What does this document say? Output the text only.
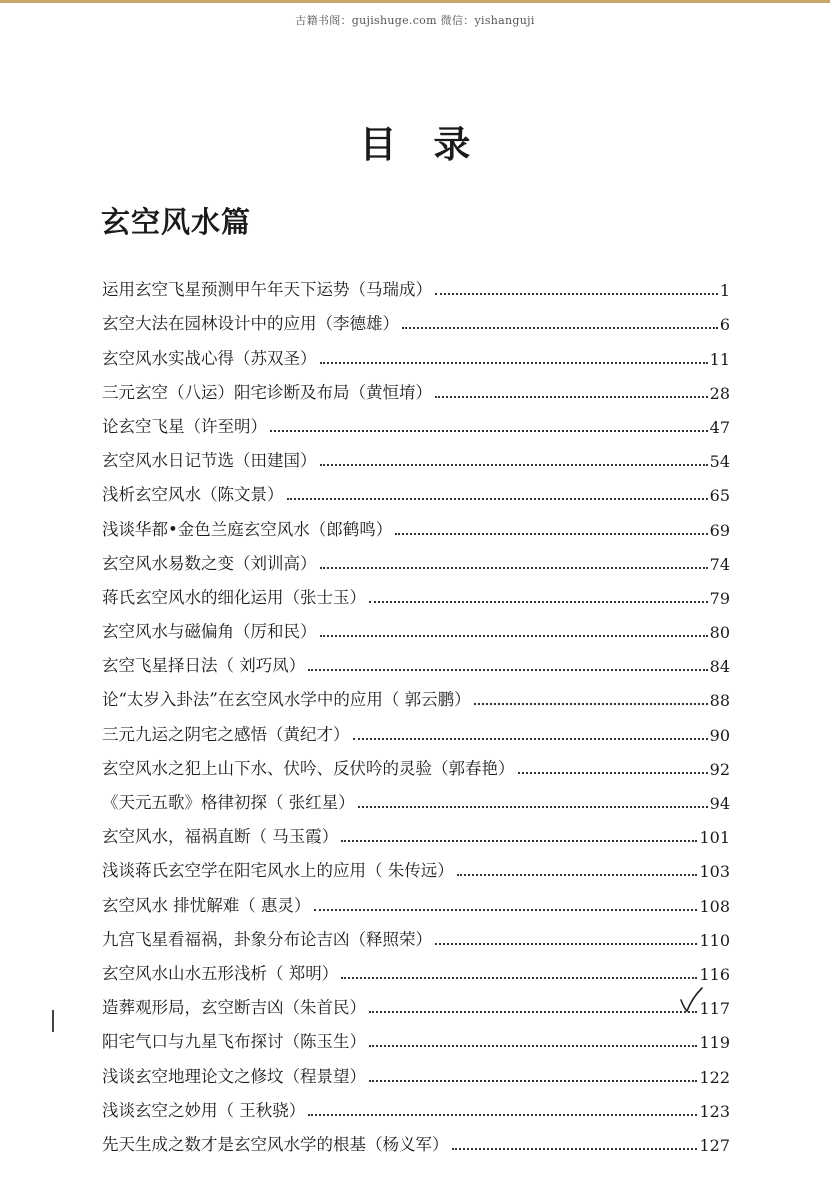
古籍书阁：gujishuge.com 微信：yishanguji
目 录
玄空风水篇
运用玄空飞星预测甲午年天下运势（马瑞成）	1
玄空大法在园林设计中的应用（李德雄）	6
玄空风水实战心得（苏双圣）	11
三元玄空（八运）阳宅诊断及布局（黄恒堉）	28
论玄空飞星（许至明）	47
玄空风水日记节选（田建国）	54
浅析玄空风水（陈文景）	65
浅谈华都•金色兰庭玄空风水（郎鹤鸣）	69
玄空风水易数之变（刘训高）	74
蒋氏玄空风水的细化运用（张士玉）	79
玄空风水与磁偏角（厉和民）	80
玄空飞星择日法（ 刘巧凤）	84
论“太岁入卦法”在玄空风水学中的应用（ 郭云鹏）	88
三元九运之阴宅之感悟（黄纪才）	90
玄空风水之犯上山下水、伏吟、反伏吟的灵验（郭春艳）	92
《天元五歌》格律初探（ 张红星）	94
玄空风水，福祸直断（ 马玉霞）	101
浅谈蒋氏玄空学在阳宅风水上的应用（ 朱传远）	103
玄空风水 排忧解难（ 惠灵）	108
九宫飞星看福祸，卦象分布论吉凶（释照荣）	110
玄空风水山水五形浅析（ 郑明）	116
造葬观形局，玄空断吉凶（朱首民）	117
阳宅气口与九星飞布探讨（陈玉生）	119
浅谈玄空地理论文之修坟（程景望）	122
浅谈玄空之妙用（ 王秋骁）	123
先天生成之数才是玄空风水学的根基（杨义军）	127
